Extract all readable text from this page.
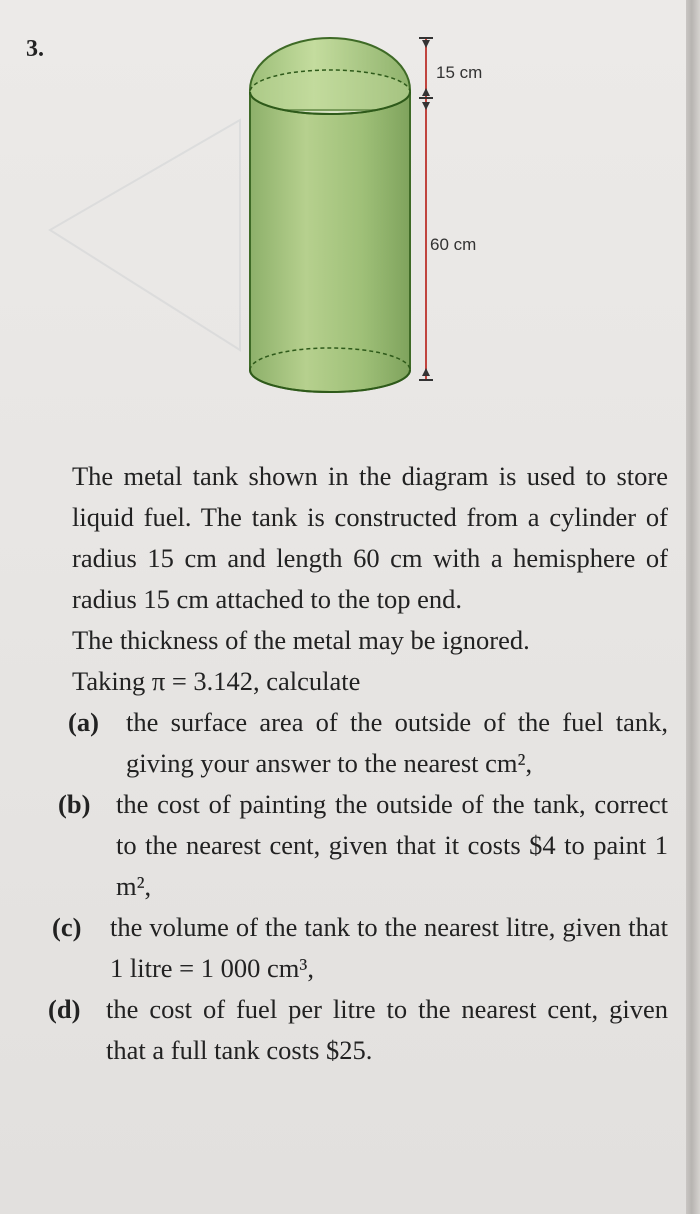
3.
15 cm
60 cm

The metal tank shown in the diagram is used to store liquid fuel. The tank is constructed from a cylinder of radius 15 cm and length 60 cm with a hemisphere of radius 15 cm attached to the top end.

The thickness of the metal may be ignored.

Taking π = 3.142, calculate

(a)	the surface area of the outside of the fuel tank, giving your answer to the nearest cm²,
(b) the cost of painting the outside of the tank, correct to the nearest cent, given that it costs $4 to paint 1 m²,
(c)	the volume of the tank to the nearest litre, given that 1 litre = 1 000 cm³,
(d) the cost of fuel per litre to the nearest cent, given that a full tank costs $25.
